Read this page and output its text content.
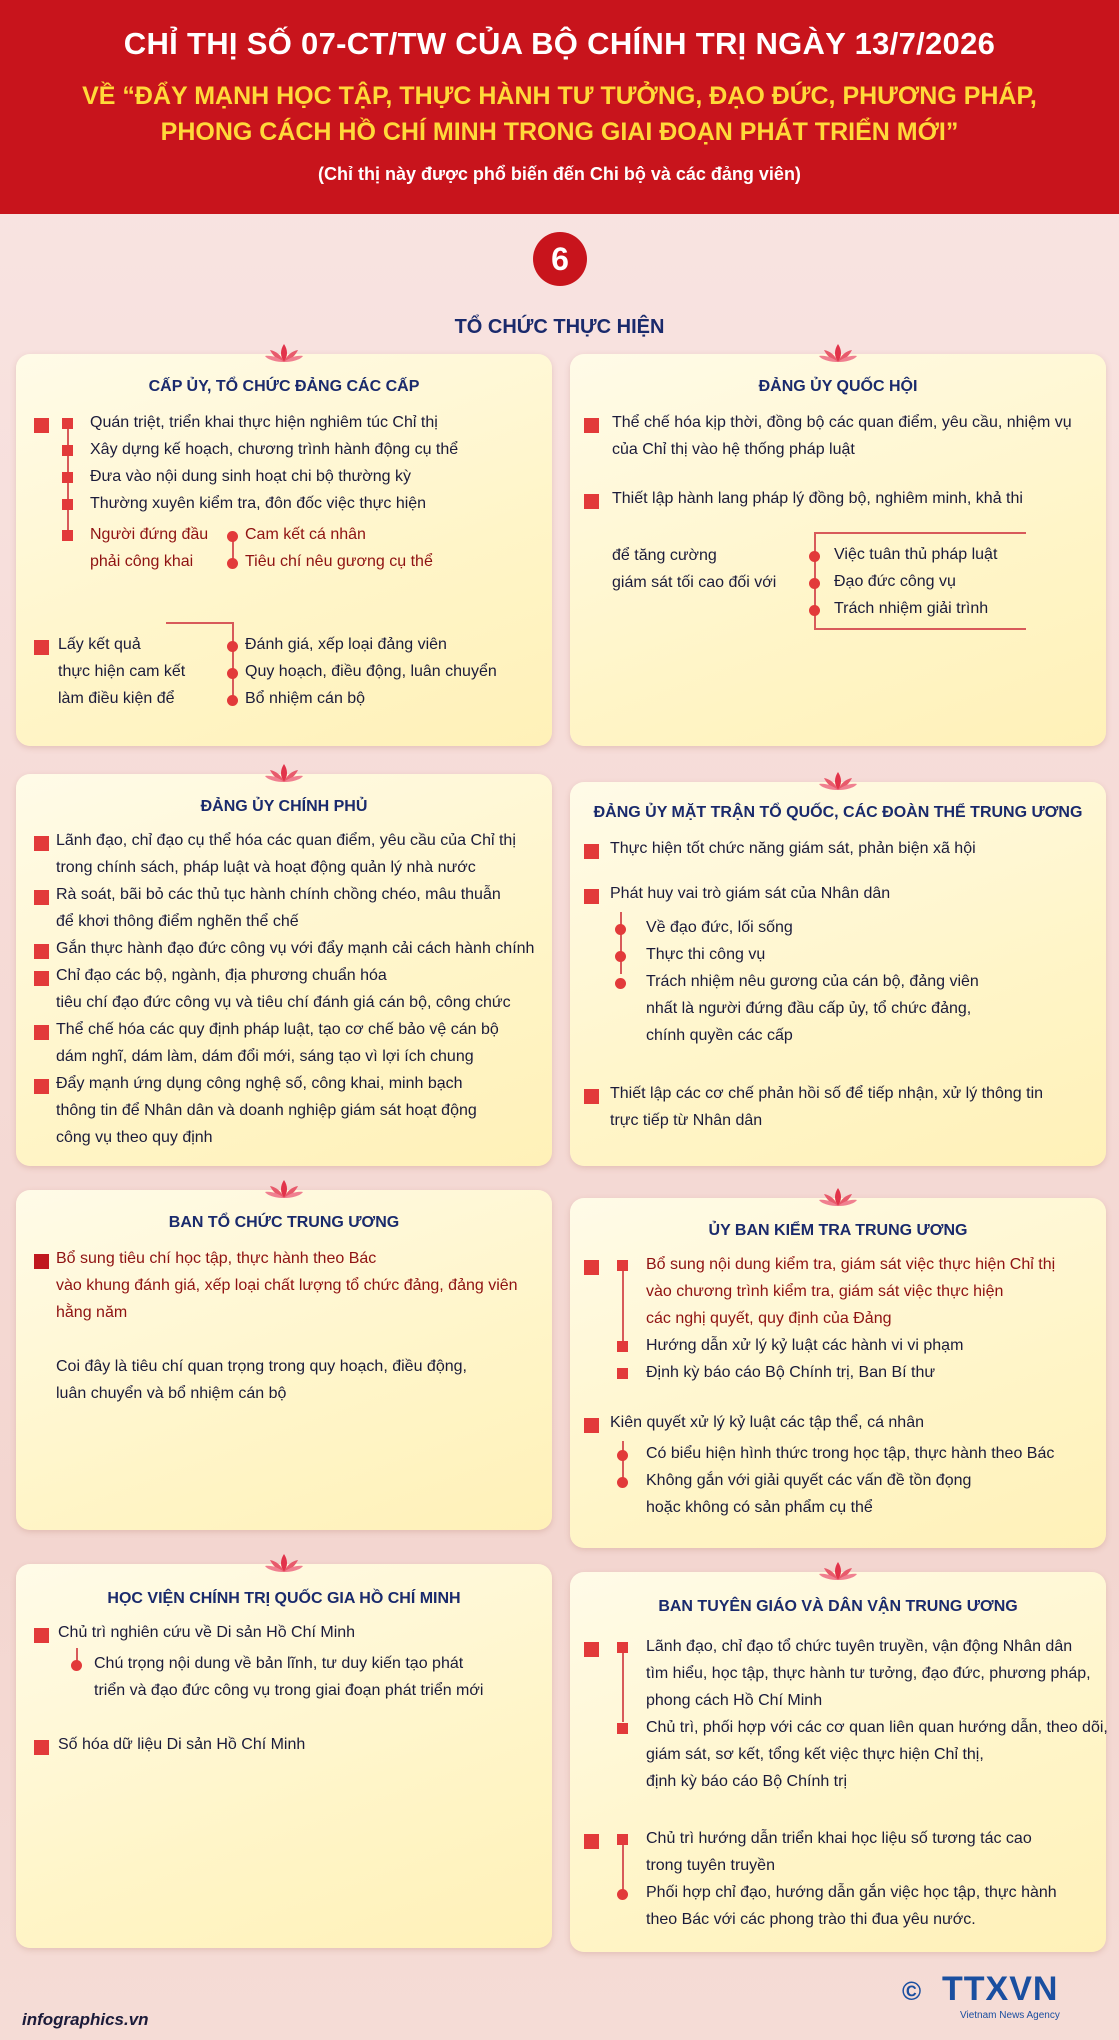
CHỈ THỊ SỐ 07-CT/TW CỦA BỘ CHÍNH TRỊ NGÀY 13/7/2026
VỀ “ĐẨY MẠNH HỌC TẬP, THỰC HÀNH TƯ TƯỞNG, ĐẠO ĐỨC, PHƯƠNG PHÁP,
PHONG CÁCH HỒ CHÍ MINH TRONG GIAI ĐOẠN PHÁT TRIỂN MỚI”
(Chỉ thị này được phổ biến đến Chi bộ và các đảng viên)
6
TỔ CHỨC THỰC HIỆN
CẤP ỦY, TỔ CHỨC ĐẢNG CÁC CẤP
Quán triệt, triển khai thực hiện nghiêm túc Chỉ thị
Xây dựng kế hoạch, chương trình hành động cụ thể
Đưa vào nội dung sinh hoạt chi bộ thường kỳ
Thường xuyên kiểm tra, đôn đốc việc thực hiện
Người đứng đầu
phải công khai
Cam kết cá nhân
Tiêu chí nêu gương cụ thể
Lấy kết quả
thực hiện cam kết
làm điều kiện để
Đánh giá, xếp loại đảng viên
Quy hoạch, điều động, luân chuyển
Bổ nhiệm cán bộ
ĐẢNG ỦY QUỐC HỘI
Thể chế hóa kịp thời, đồng bộ các quan điểm, yêu cầu, nhiệm vụ
của Chỉ thị vào hệ thống pháp luật
Thiết lập hành lang pháp lý đồng bộ, nghiêm minh, khả thi
để tăng cường
giám sát tối cao đối với
Việc tuân thủ pháp luật
Đạo đức công vụ
Trách nhiệm giải trình
ĐẢNG ỦY CHÍNH PHỦ
Lãnh đạo, chỉ đạo cụ thể hóa các quan điểm, yêu cầu của Chỉ thị
trong chính sách, pháp luật và hoạt động quản lý nhà nước
Rà soát, bãi bỏ các thủ tục hành chính chồng chéo, mâu thuẫn
để khơi thông điểm nghẽn thể chế
Gắn thực hành đạo đức công vụ với đẩy mạnh cải cách hành chính
Chỉ đạo các bộ, ngành, địa phương chuẩn hóa
tiêu chí đạo đức công vụ và tiêu chí đánh giá cán bộ, công chức
Thể chế hóa các quy định pháp luật, tạo cơ chế bảo vệ cán bộ
dám nghĩ, dám làm, dám đổi mới, sáng tạo vì lợi ích chung
Đẩy mạnh ứng dụng công nghệ số, công khai, minh bạch
thông tin để Nhân dân và doanh nghiệp giám sát hoạt động
công vụ theo quy định
ĐẢNG ỦY MẶT TRẬN TỔ QUỐC, CÁC ĐOÀN THỂ TRUNG ƯƠNG
Thực hiện tốt chức năng giám sát, phản biện xã hội
Phát huy vai trò giám sát của Nhân dân
Về đạo đức, lối sống
Thực thi công vụ
Trách nhiệm nêu gương của cán bộ, đảng viên
nhất là người đứng đầu cấp ủy, tổ chức đảng,
chính quyền các cấp
Thiết lập các cơ chế phản hồi số để tiếp nhận, xử lý thông tin
trực tiếp từ Nhân dân
BAN TỔ CHỨC TRUNG ƯƠNG
Bổ sung tiêu chí học tập, thực hành theo Bác
vào khung đánh giá, xếp loại chất lượng tổ chức đảng, đảng viên
hằng năm
Coi đây là tiêu chí quan trọng trong quy hoạch, điều động,
luân chuyển và bổ nhiệm cán bộ
ỦY BAN KIỂM TRA TRUNG ƯƠNG
Bổ sung nội dung kiểm tra, giám sát việc thực hiện Chỉ thị
vào chương trình kiểm tra, giám sát việc thực hiện
các nghị quyết, quy định của Đảng
Hướng dẫn xử lý kỷ luật các hành vi vi phạm
Định kỳ báo cáo Bộ Chính trị, Ban Bí thư
Kiên quyết xử lý kỷ luật các tập thể, cá nhân
Có biểu hiện hình thức trong học tập, thực hành theo Bác
Không gắn với giải quyết các vấn đề tồn đọng
hoặc không có sản phẩm cụ thể
HỌC VIỆN CHÍNH TRỊ QUỐC GIA HỒ CHÍ MINH
Chủ trì nghiên cứu về Di sản Hồ Chí Minh
Chú trọng nội dung về bản lĩnh, tư duy kiến tạo phát
triển và đạo đức công vụ trong giai đoạn phát triển mới
Số hóa dữ liệu Di sản Hồ Chí Minh
BAN TUYÊN GIÁO VÀ DÂN VẬN TRUNG ƯƠNG
Lãnh đạo, chỉ đạo tổ chức tuyên truyền, vận động Nhân dân
tìm hiểu, học tập, thực hành tư tưởng, đạo đức, phương pháp,
phong cách Hồ Chí Minh
Chủ trì, phối hợp với các cơ quan liên quan hướng dẫn, theo dõi,
giám sát, sơ kết, tổng kết việc thực hiện Chỉ thị,
định kỳ báo cáo Bộ Chính trị
Chủ trì hướng dẫn triển khai học liệu số tương tác cao
trong tuyên truyền
Phối hợp chỉ đạo, hướng dẫn gắn việc học tập, thực hành
theo Bác với các phong trào thi đua yêu nước.
infographics.vn
© TTXVN
Vietnam News Agency
